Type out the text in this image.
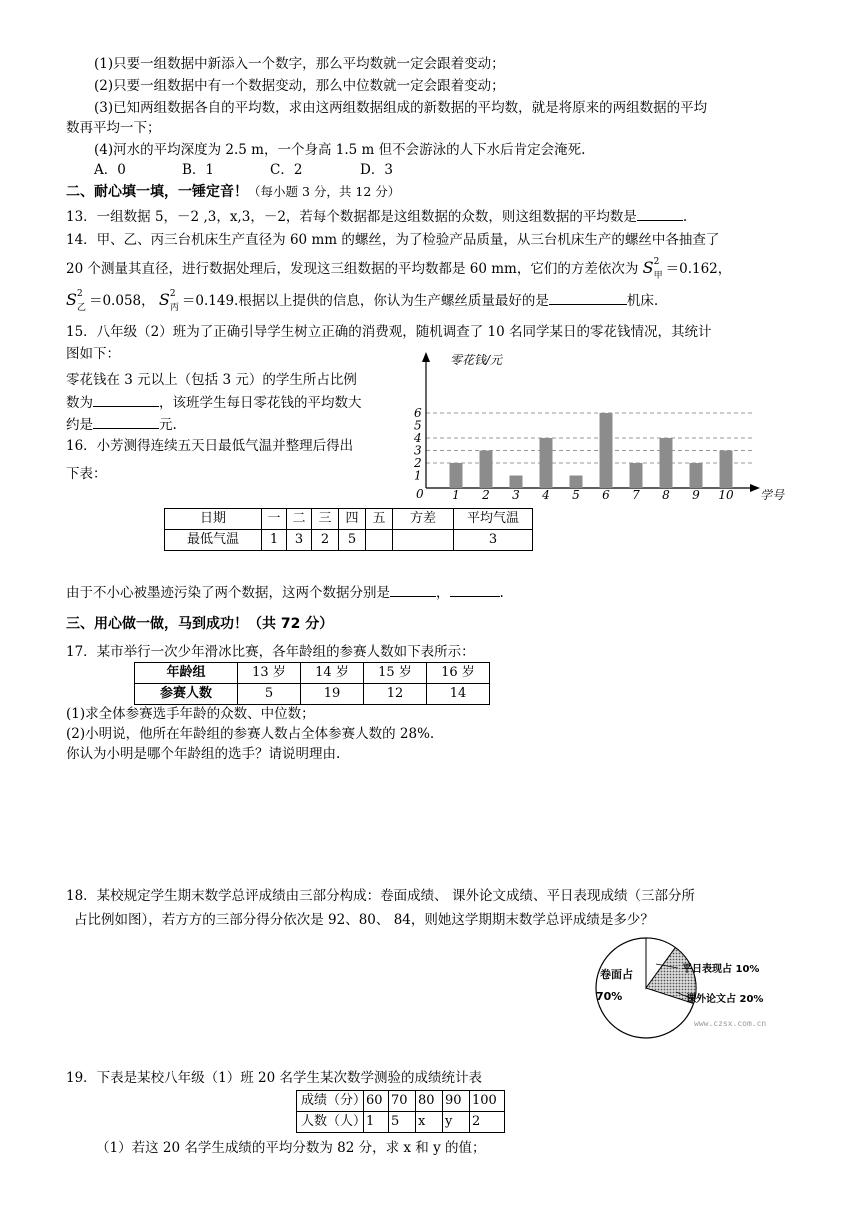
(1)只要一组数据中新添入一个数字，那么平均数就一定会跟着变动；
(2)只要一组数据中有一个数据变动，那么中位数就一定会跟着变动；
(3)已知两组数据各自的平均数，求由这两组数据组成的新数据的平均数，就是将原来的两组数据的平均
数再平均一下；
(4)河水的平均深度为 2.5 m，一个身高 1.5 m 但不会游泳的人下水后肯定会淹死.
A．0	B．1	C．2	D．3
二、耐心填一填，一锤定音！（每小题 3 分，共 12 分）
13．一组数据 5，－2 ,3，x,3，－2，若每个数据都是这组数据的众数，则这组数据的平均数是	.
14．甲、乙、丙三台机床生产直径为 60 mm 的螺丝，为了检验产品质量，从三台机床生产的螺丝中各抽查了
20 个测量其直径，进行数据处理后，发现这三组数据的平均数都是 60 mm，它们的方差依次为 S 2
甲 ＝0.162，
S 2
乙 ＝0.058， S 2
丙 ＝0.149.根据以上提供的信息，你认为生产螺丝质量最好的是	机床.
15．八年级（2）班为了正确引导学生树立正确的消费观，随机调查了 10 名同学某日的零花钱情况，其统计
图如下：
零花钱在 3 元以上（包括 3 元）的学生所占比例
数为	，该班学生每日零花钱的平均数大
约是	元.
零花钱/元
学号
0
1
2
3
4
5
6
1 2 3 4 5 6 7 8 9 10
16．小芳测得连续五天日最低气温并整理后得出
下表：
日期	一	二	三	四	五	方差	平均气温
最低气温	1	3	2	5			3
由于不小心被墨迹污染了两个数据，这两个数据分别是	，	.
三、用心做一做，马到成功！（共 72 分）
17．某市举行一次少年滑冰比赛，各年龄组的参赛人数如下表所示：
年龄组	13 岁	14 岁	15 岁	16 岁
参赛人数	5	19	12	14
(1)求全体参赛选手年龄的众数、中位数；
(2)小明说，他所在年龄组的参赛人数占全体参赛人数的 28%.
你认为小明是哪个年龄组的选手？请说明理由.
18．某校规定学生期末数学总评成绩由三部分构成：卷面成绩、 课外论文成绩、平日表现成绩（三部分所
占比例如图），若方方的三部分得分依次是 92、80、 84，则她这学期期末数学总评成绩是多少？
卷面占
70%
平日表现占 10%
课外论文占 20%
www.czsx.com.cn
19．下表是某校八年级（1）班 20 名学生某次数学测验的成绩统计表
成绩（分）	60	70	80	90	100
人数（人）	1	5	x	y	2
（1）若这 20 名学生成绩的平均分数为 82 分，求 x 和 y 的值；
